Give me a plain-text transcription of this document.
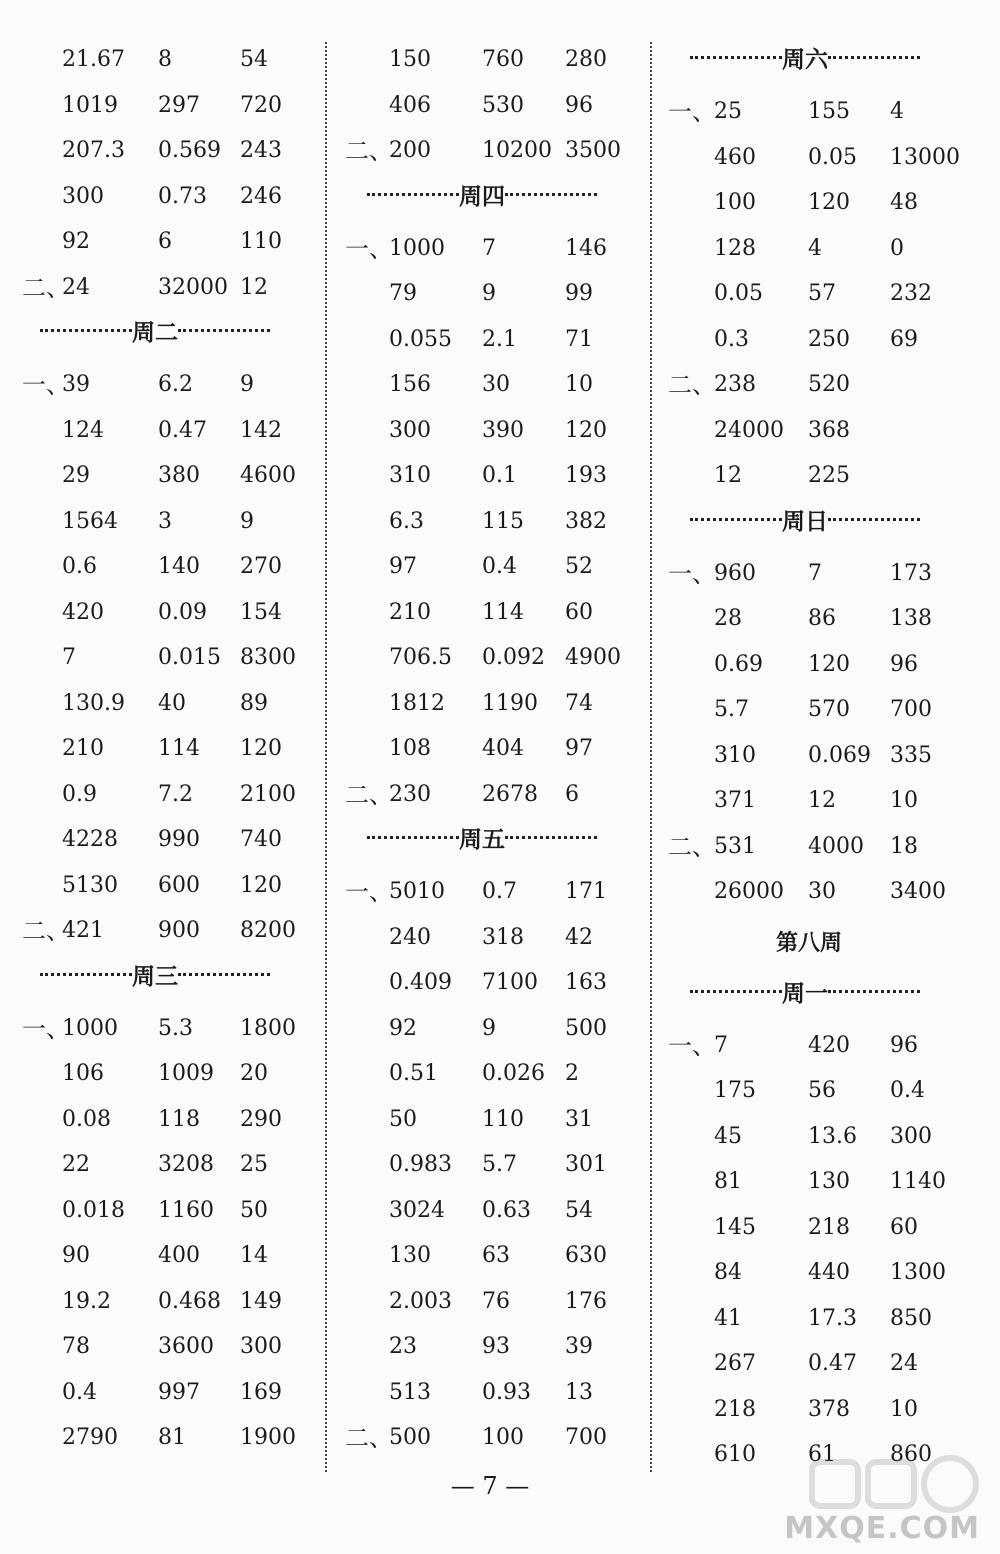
21.67 8	54
1019 297 720
207.3 0.569 243
300 0.73 246
92	6	110
二、
24	32000 12
周二
一、
39	6.2 9
124 0.47 142
29	380 4600
1564 3	9
0.6	140 270
420 0.09 154
7	0.015 8300
130.9 40 89
210 114 120
0.9	7.2 2100
4228 990 740
5130 600 120
二、
421 900 8200
周三
一、
1000 5.3 1800
106 1009 20
0.08 118 290
22	3208 25
0.018 1160 50
90	400 14
19.2 0.468 149
78	3600 300
0.4	997 169
2790 81 1900
150 760 280
406 530 96
二、
200 10200 3500
周四
一、
1000 7	146
79	9	99
0.055 2.1 71
156 30	10
300 390 120
310 0.1 193
6.3	115 382
97	0.4 52
210 114 60
706.5 0.092 4900
1812 1190 74
108 404 97
二、
230 2678 6
周五
一、
5010 0.7 171
240 318 42
0.409 7100 163
92	9	500
0.51 0.026 2
50	110 31
0.983 5.7 301
3024 0.63 54
130 63	630
2.003 76	176
23	93	39
513 0.93 13
二、
500 100 700
周六
一、
25	155 4
460 0.05 13000
100 120 48
128 4	0
0.05 57 232
0.3	250 69
二、
238 520
24000 368
12	225
周日
一、
960 7	173
28	86 138
0.69 120 96
5.7	570 700
310 0.069 335
371 12 10
二、
531 4000 18
26000 30 3400
第八周
周一
一、
7	420 96
175 56 0.4
45	13.6 300
81	130 1140
145 218 60
84	440 1300
41	17.3 850
267 0.47 24
218 378 10
610 61 860
— 7 —
MXQE.COM
